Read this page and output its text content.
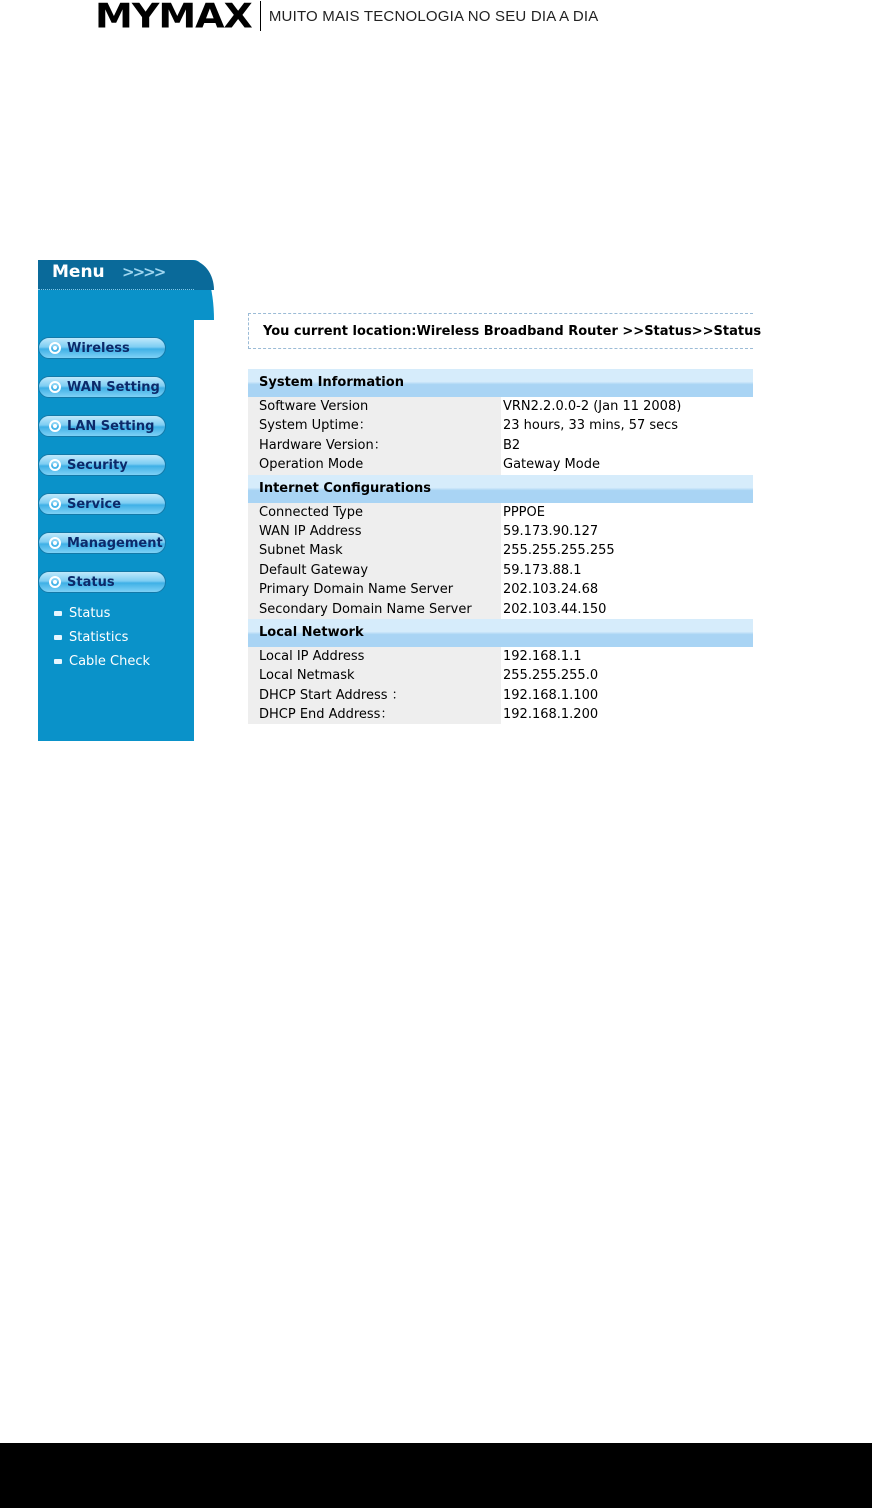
MYMAX MUITO MAIS TECNOLOGIA NO SEU DIA A DIA
Menu >>>>
Wireless
WAN Setting
LAN Setting
Security
Service
Management
Status
Status
Statistics
Cable Check
You current location:Wireless Broadband Router >>Status>>Status
System Information
Software Version	VRN2.2.0.0-2 (Jan 11 2008)
System Uptime：	23 hours, 33 mins, 57 secs
Hardware Version：	B2
Operation Mode	Gateway Mode
Internet Configurations
Connected Type	PPPOE
WAN IP Address	59.173.90.127
Subnet Mask	255.255.255.255
Default Gateway	59.173.88.1
Primary Domain Name Server	202.103.24.68
Secondary Domain Name Server	202.103.44.150
Local Network
Local IP Address	192.168.1.1
Local Netmask	255.255.255.0
DHCP Start Address ：	192.168.1.100
DHCP End Address：	192.168.1.200
